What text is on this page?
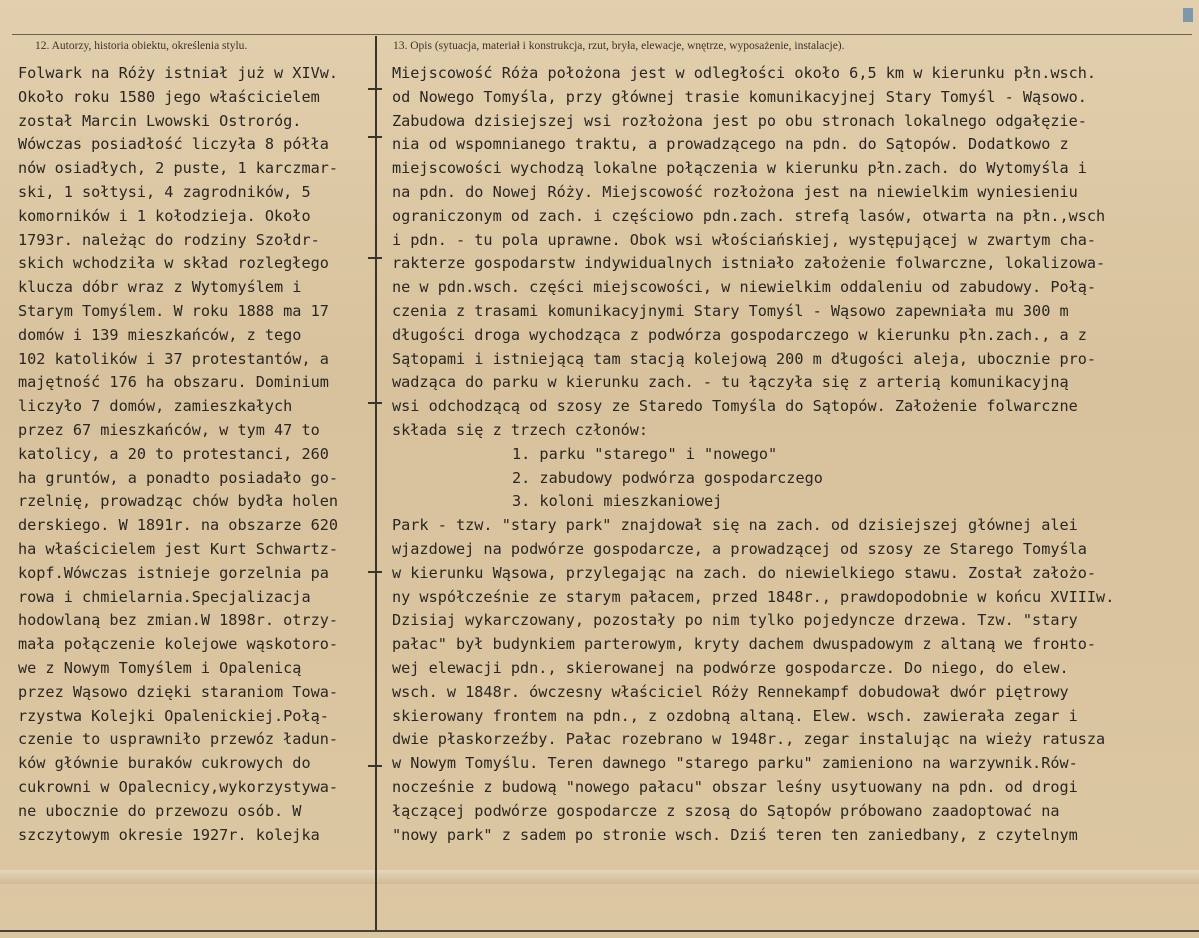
12. Autorzy, historia obiektu, określenia stylu.	13. Opis (sytuacja, materiał i konstrukcja, rzut, bryła, elewacje, wnętrze, wyposażenie, instalacje).
Folwark na Róży istniał już w XIVw.
Około roku 1580 jego właścicielem
został Marcin Lwowski Ostroróg.
Wówczas posiadłość liczyła 8 półła
nów osiadłych, 2 puste, 1 karczmar-
ski, 1 sołtysi, 4 zagrodników, 5
komorników i 1 kołodzieja. Około
1793r. należąc do rodziny Szołdr-
skich wchodziła w skład rozległego
klucza dóbr wraz z Wytomyślem i
Starym Tomyślem. W roku 1888 ma 17
domów i 139 mieszkańców, z tego
102 katolików i 37 protestantów, a
majętność 176 ha obszaru. Dominium
liczyło 7 domów, zamieszkałych
przez 67 mieszkańców, w tym 47 to
katolicy, a 20 to protestanci, 260
ha gruntów, a ponadto posiadało go-
rzelnię, prowadząc chów bydła holen
derskiego. W 1891r. na obszarze 620
ha właścicielem jest Kurt Schwartz-
kopf.Wówczas istnieje gorzelnia pa
rowa i chmielarnia.Specjalizacja
hodowlaną bez zmian.W 1898r. otrzy-
mała połączenie kolejowe wąskotoro-
we z Nowym Tomyślem i Opalenicą
przez Wąsowo dzięki staraniom Towa-
rzystwa Kolejki Opalenickiej.Połą-
czenie to usprawniło przewóz ładun-
ków głównie buraków cukrowych do
cukrowni w Opalecnicy,wykorzystywa-
ne ubocznie do przewozu osób. W
szczytowym okresie 1927r. kolejka
Miejscowość Róża położona jest w odległości około 6,5 km w kierunku płn.wsch.
od Nowego Tomyśla, przy głównej trasie komunikacyjnej Stary Tomyśl - Wąsowo.
Zabudowa dzisiejszej wsi rozłożona jest po obu stronach lokalnego odgałęzie-
nia od wspomnianego traktu, a prowadzącego na pdn. do Sątopów. Dodatkowo z
miejscowości wychodzą lokalne połączenia w kierunku płn.zach. do Wytomyśla i
na pdn. do Nowej Róży. Miejscowość rozłożona jest na niewielkim wyniesieniu
ograniczonym od zach. i częściowo pdn.zach. strefą lasów, otwarta na płn.,wsch
i pdn. - tu pola uprawne. Obok wsi włościańskiej, występującej w zwartym cha-
rakterze gospodarstw indywidualnych istniało założenie folwarczne, lokalizowa-
ne w pdn.wsch. części miejscowości, w niewielkim oddaleniu od zabudowy. Połą-
czenia z trasami komunikacyjnymi Stary Tomyśl - Wąsowo zapewniała mu 300 m
długości droga wychodząca z podwórza gospodarczego w kierunku płn.zach., a z
Sątopami i istniejącą tam stacją kolejową 200 m długości aleja, ubocznie pro-
wadząca do parku w kierunku zach. - tu łączyła się z arterią komunikacyjną
wsi odchodzącą od szosy ze Staredo Tomyśla do Sątopów. Założenie folwarczne
składa się z trzech członów:
1. parku "starego" i "nowego"
2. zabudowy podwórza gospodarczego
3. koloni mieszkaniowej
Park - tzw. "stary park" znajdował się na zach. od dzisiejszej głównej alei
wjazdowej na podwórze gospodarcze, a prowadzącej od szosy ze Starego Tomyśla
w kierunku Wąsowa, przylegając na zach. do niewielkiego stawu. Został założo-
ny współcześnie ze starym pałacem, przed 1848r., prawdopodobnie w końcu XVIIIw.
Dzisiaj wykarczowany, pozostały po nim tylko pojedyncze drzewa. Tzw. "stary
pałac" był budynkiem parterowym, kryty dachem dwuspadowym z altaną we frонto-
wej elewacji pdn., skierowanej na podwórze gospodarcze. Do niego, do elew.
wsch. w 1848r. ówczesny właściciel Róży Rennekampf dobudował dwór piętrowy
skierowany frontem na pdn., z ozdobną altaną. Elew. wsch. zawierała zegar i
dwie płaskorzeźby. Pałac rozebrano w 1948r., zegar instalując na wieży ratusza
w Nowym Tomyślu. Teren dawnego "starego parku" zamieniono na warzywnik.Rów-
nocześnie z budową "nowego pałacu" obszar leśny usytuowany na pdn. od drogi
łączącej podwórze gospodarcze z szosą do Sątopów próbowano zaadoptować na
"nowy park" z sadem po stronie wsch. Dziś teren ten zaniedbany, z czytelnym
